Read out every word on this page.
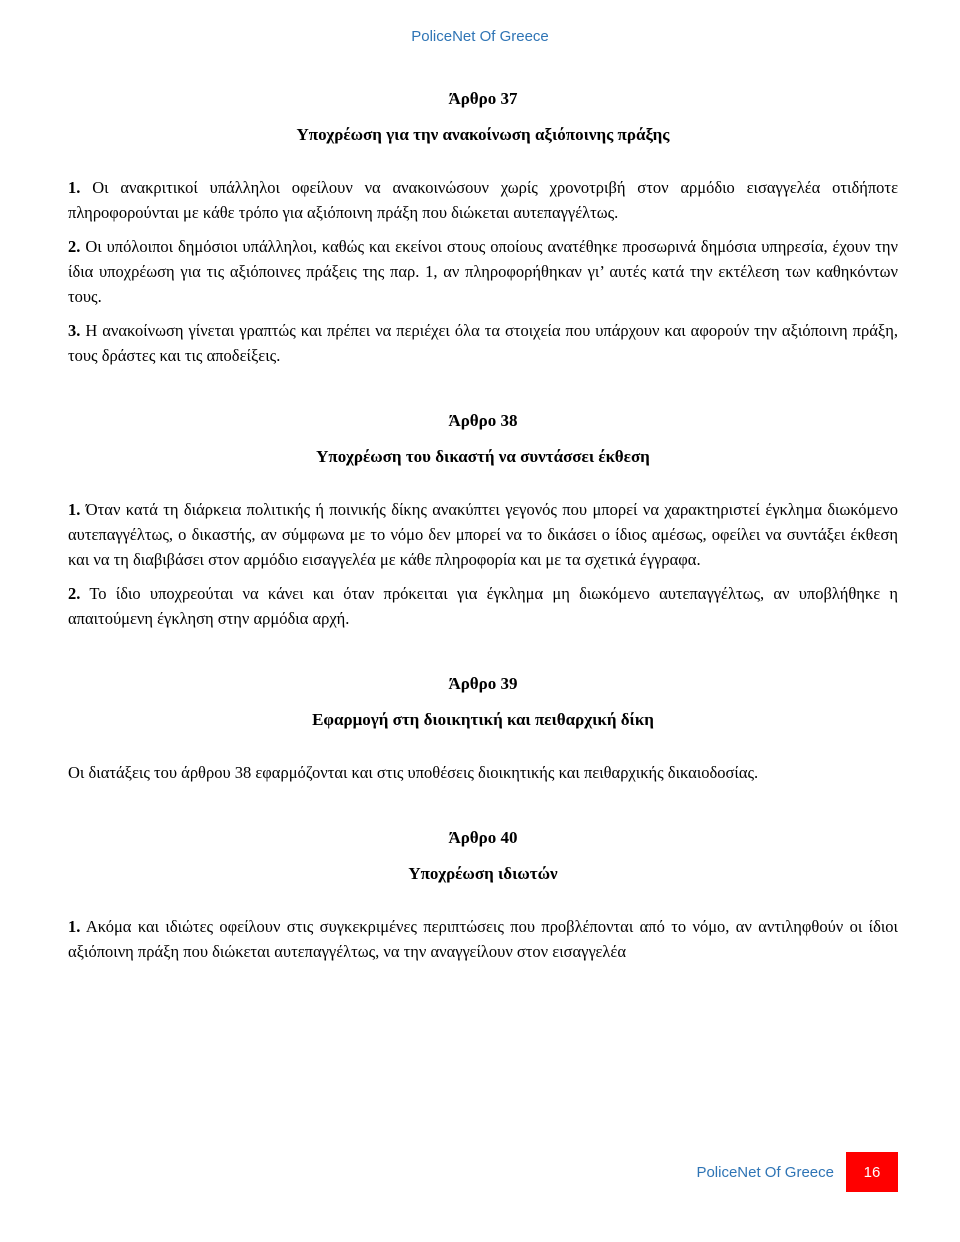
PoliceNet Of Greece

Άρθρο 37

Υποχρέωση για την ανακοίνωση αξιόποινης πράξης

1. Οι ανακριτικοί υπάλληλοι οφείλουν να ανακοινώσουν χωρίς χρονοτριβή στον αρμόδιο εισαγγελέα οτιδήποτε πληροφορούνται με κάθε τρόπο για αξιόποινη πράξη που διώκεται αυτεπαγγέλτως.

2. Οι υπόλοιποι δημόσιοι υπάλληλοι, καθώς και εκείνοι στους οποίους ανατέθηκε προσωρινά δημόσια υπηρεσία, έχουν την ίδια υποχρέωση για τις αξιόποινες πράξεις της παρ. 1, αν πληροφορήθηκαν γι’ αυτές κατά την εκτέλεση των καθηκόντων τους.

3. Η ανακοίνωση γίνεται γραπτώς και πρέπει να περιέχει όλα τα στοιχεία που υπάρχουν και αφορούν την αξιόποινη πράξη, τους δράστες και τις αποδείξεις.

Άρθρο 38

Υποχρέωση του δικαστή να συντάσσει έκθεση

1. Όταν κατά τη διάρκεια πολιτικής ή ποινικής δίκης ανακύπτει γεγονός που μπορεί να χαρακτηριστεί έγκλημα διωκόμενο αυτεπαγγέλτως, ο δικαστής, αν σύμφωνα με το νόμο δεν μπορεί να το δικάσει ο ίδιος αμέσως, οφείλει να συντάξει έκθεση και να τη διαβιβάσει στον αρμόδιο εισαγγελέα με κάθε πληροφορία και με τα σχετικά έγγραφα.

2. Το ίδιο υποχρεούται να κάνει και όταν πρόκειται για έγκλημα μη διωκόμενο αυτεπαγγέλτως, αν υποβλήθηκε η απαιτούμενη έγκληση στην αρμόδια αρχή.

Άρθρο 39

Εφαρμογή στη διοικητική και πειθαρχική δίκη

Οι διατάξεις του άρθρου 38 εφαρμόζονται και στις υποθέσεις διοικητικής και πειθαρχικής δικαιοδοσίας.

Άρθρο 40

Υποχρέωση ιδιωτών

1. Ακόμα και ιδιώτες οφείλουν στις συγκεκριμένες περιπτώσεις που προβλέπονται από το νόμο, αν αντιληφθούν οι ίδιοι αξιόποινη πράξη που διώκεται αυτεπαγγέλτως, να την αναγγείλουν στον εισαγγελέα

PoliceNet Of Greece	16
